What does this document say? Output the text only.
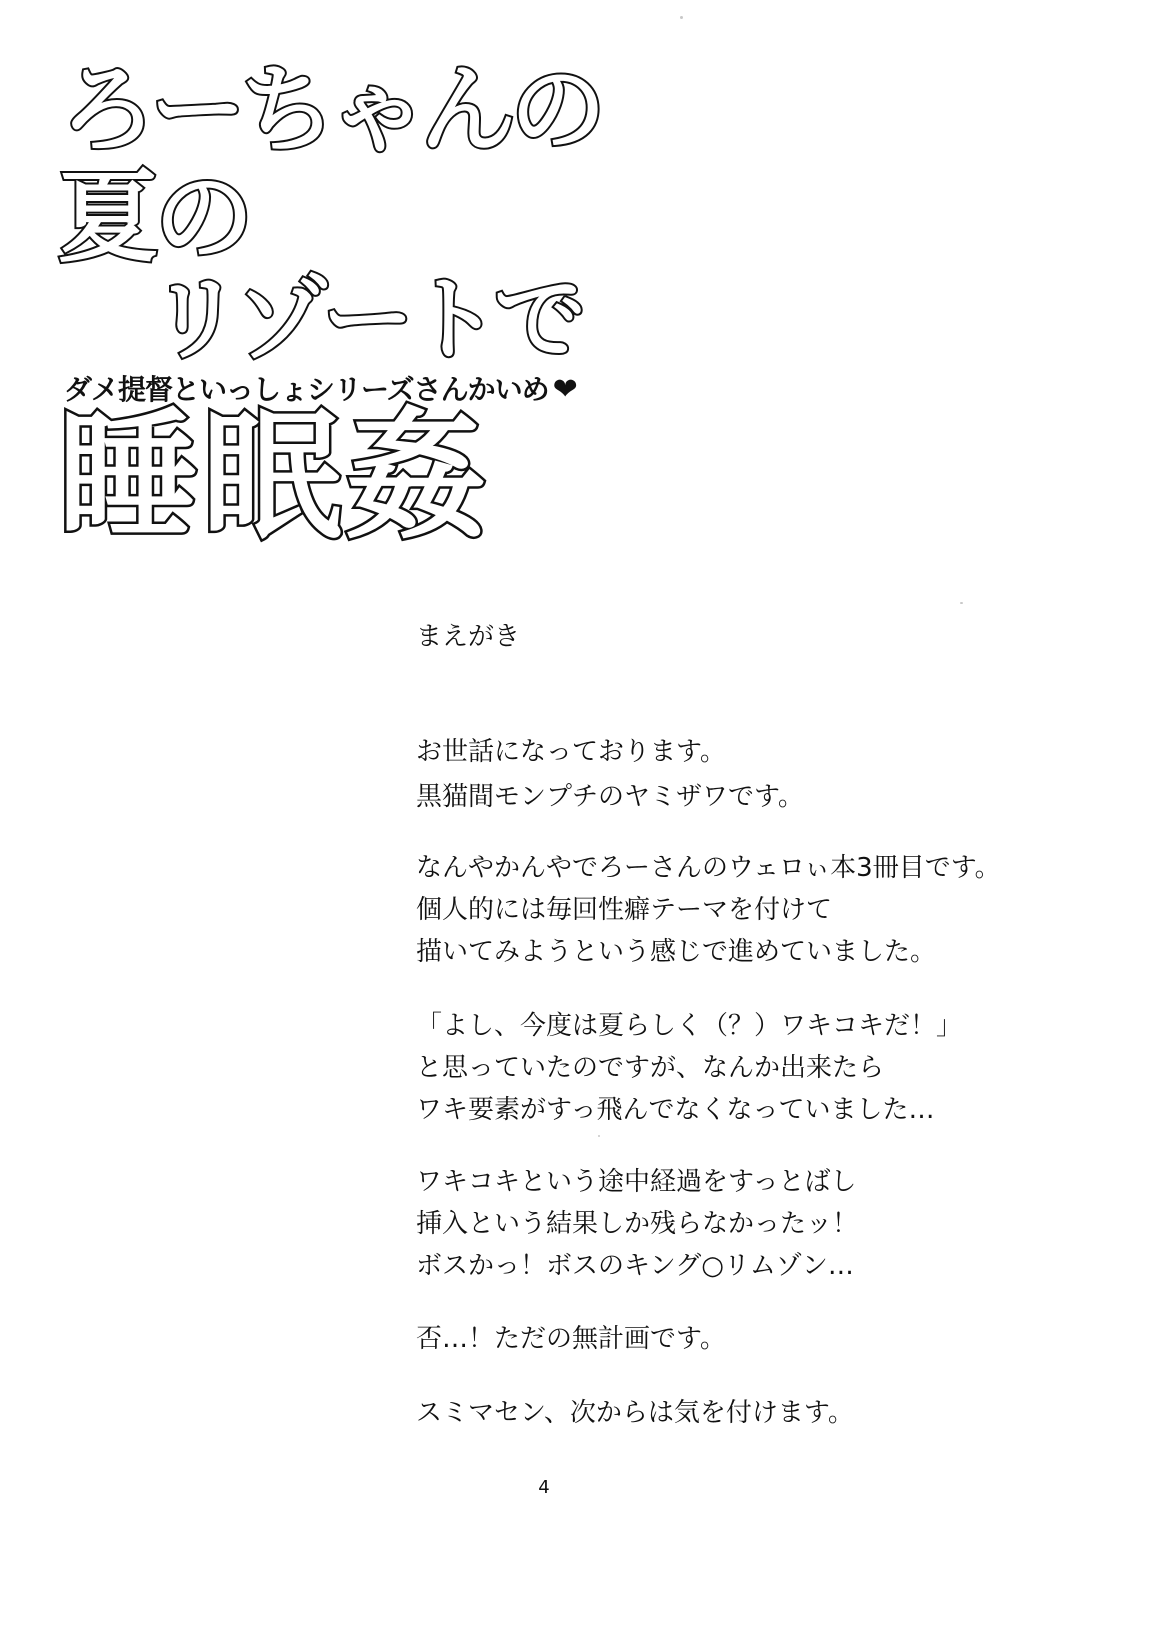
ろーちゃんの
夏の
リゾートで
ダメ提督といっしょシリーズさんかいめ ❤
睡眠姦
まえがき
お世話になっております。
黒猫間モンプチのヤミザワです。
なんやかんやでろーさんのウェロぃ本3冊目です。
個人的には毎回性癖テーマを付けて
描いてみようという感じで進めていました。
「よし、今度は夏らしく（？）ワキコキだ！」
と思っていたのですが、なんか出来たら
ワキ要素がすっ飛んでなくなっていました…
ワキコキという途中経過をすっとばし
挿入という結果しか残らなかったッ！
ボスかっ！ボスのキング○リムゾン…
否…！ただの無計画です。
スミマセン、次からは気を付けます。
4
